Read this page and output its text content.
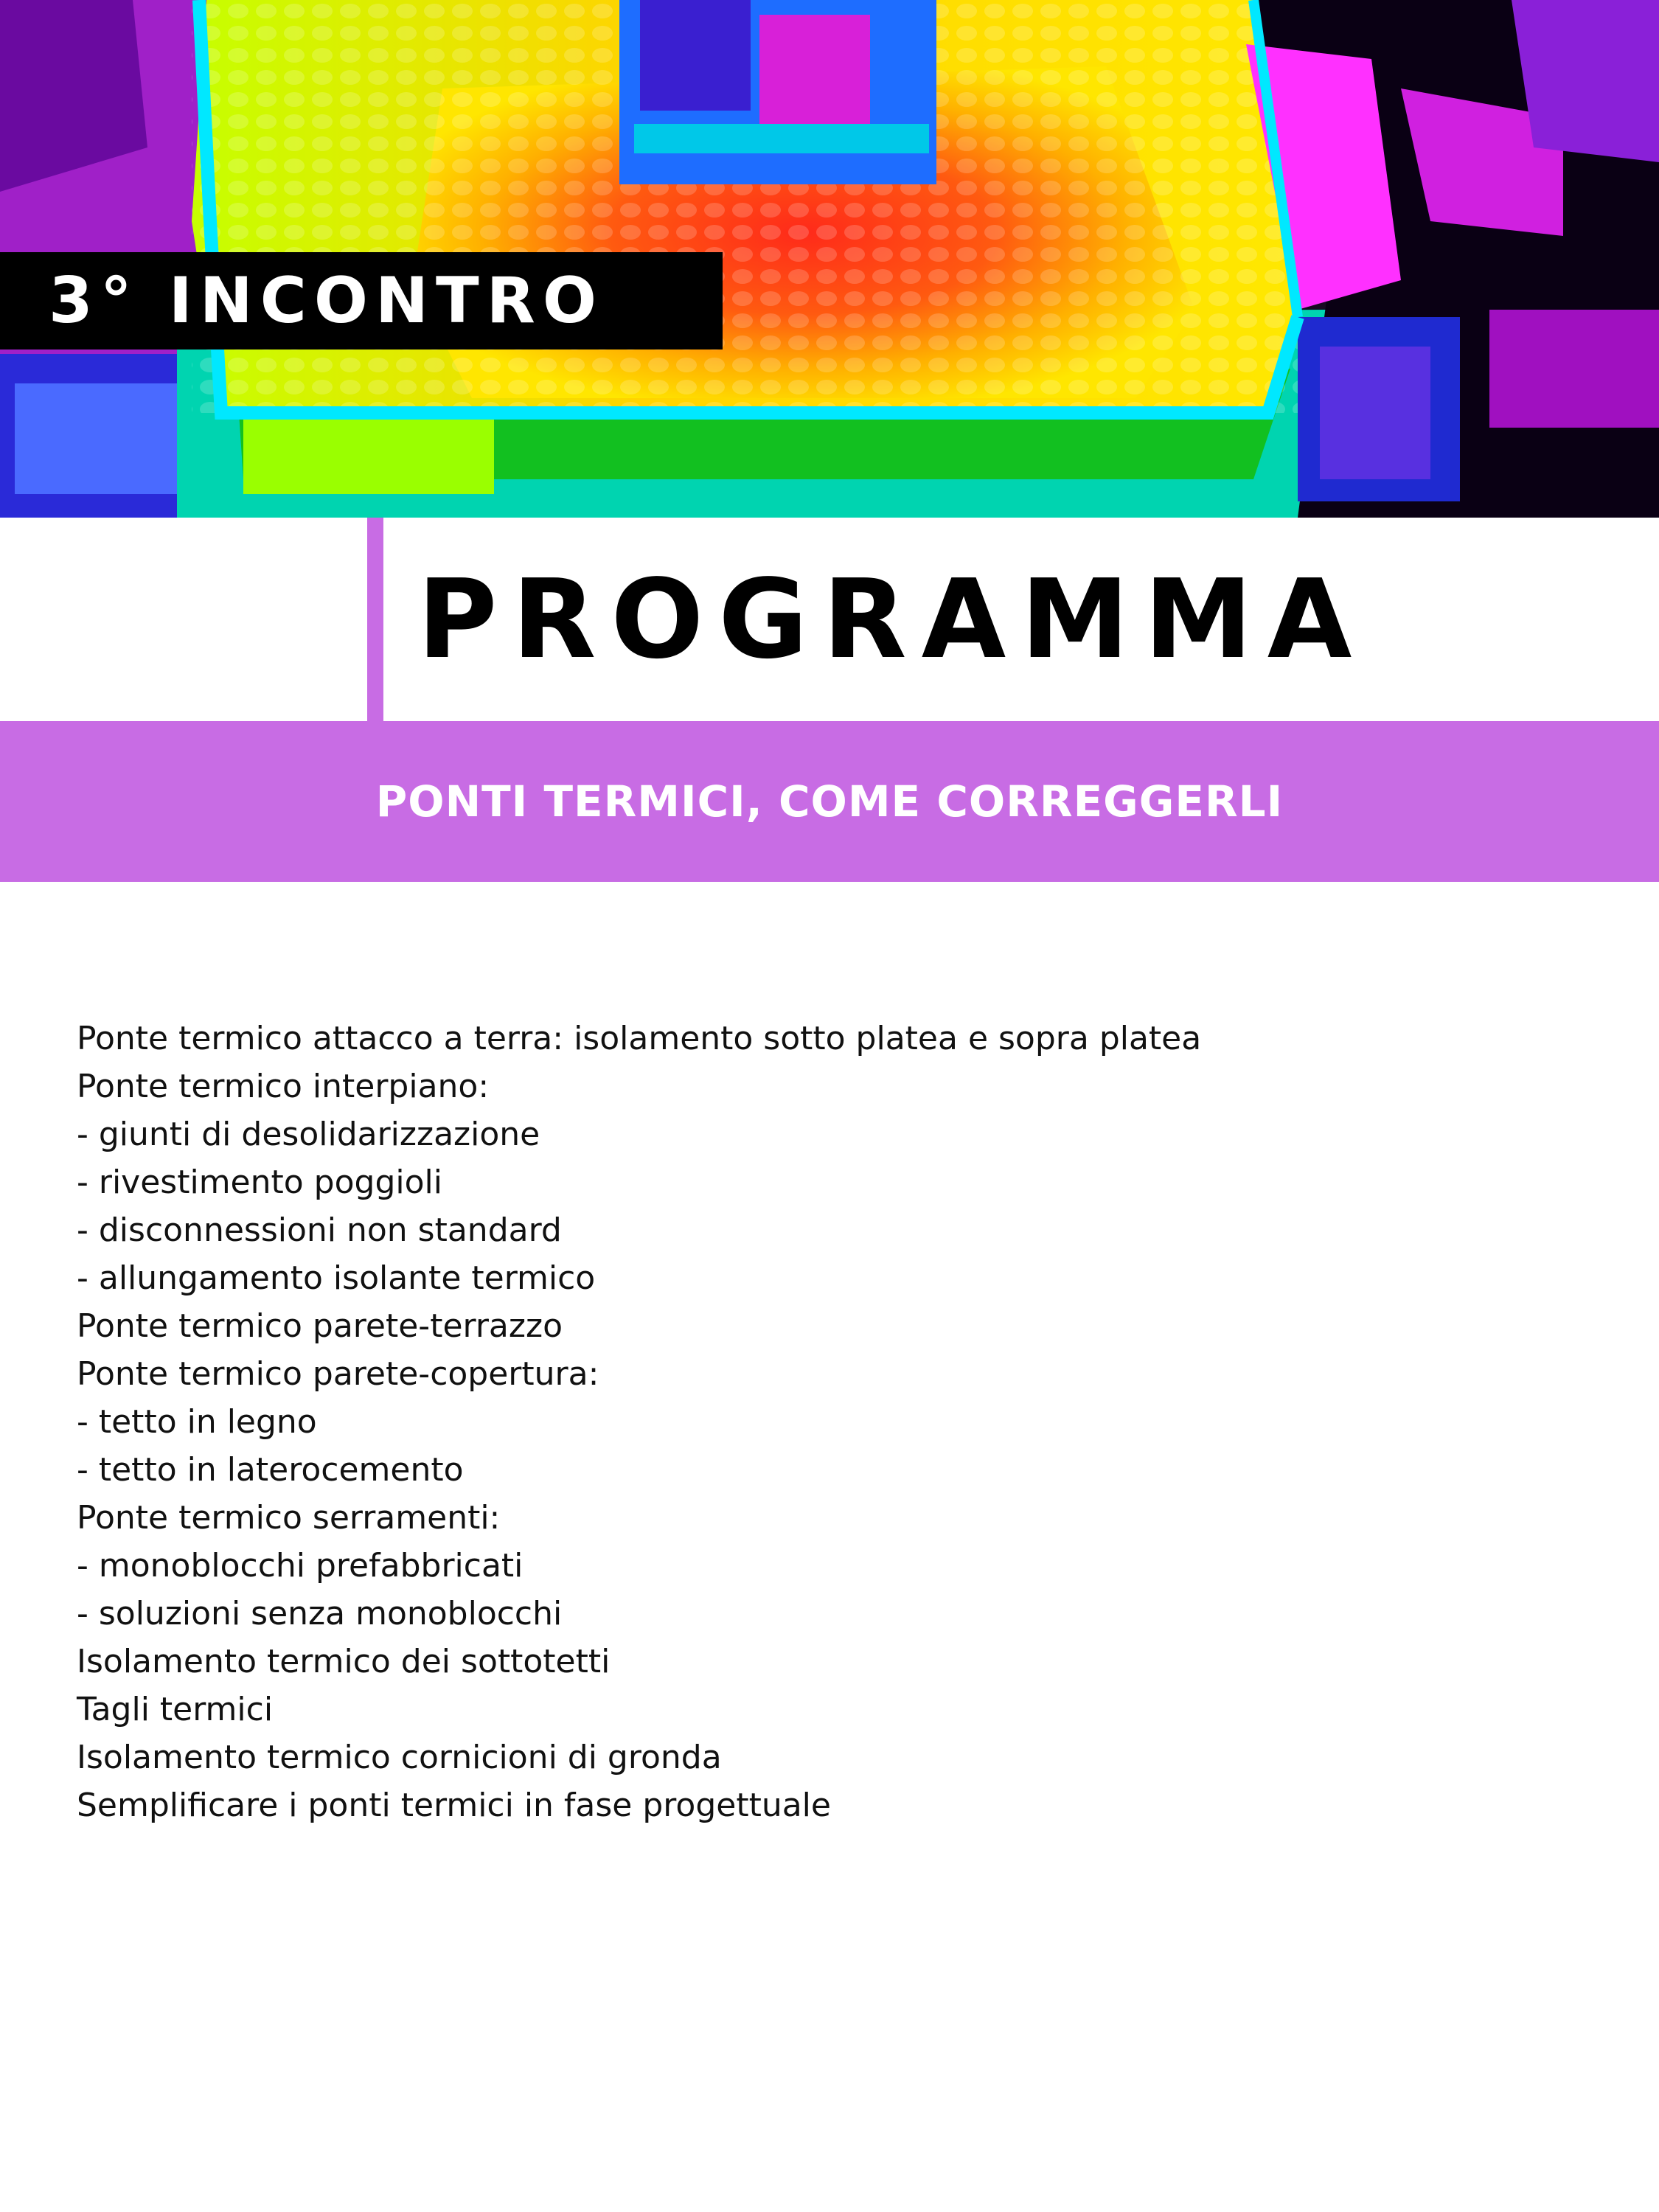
3° INCONTRO
PROGRAMMA
PONTI TERMICI, COME CORREGGERLI
Ponte termico attacco a terra: isolamento sotto platea e sopra platea
Ponte termico interpiano:
- giunti di desolidarizzazione
- rivestimento poggioli
- disconnessioni non standard
- allungamento isolante termico
Ponte termico parete-terrazzo
Ponte termico parete-copertura:
- tetto in legno
- tetto in laterocemento
Ponte termico serramenti:
- monoblocchi prefabbricati
- soluzioni senza monoblocchi
Isolamento termico dei sottotetti
Tagli termici
Isolamento termico cornicioni di gronda
Semplificare i ponti termici in fase progettuale
